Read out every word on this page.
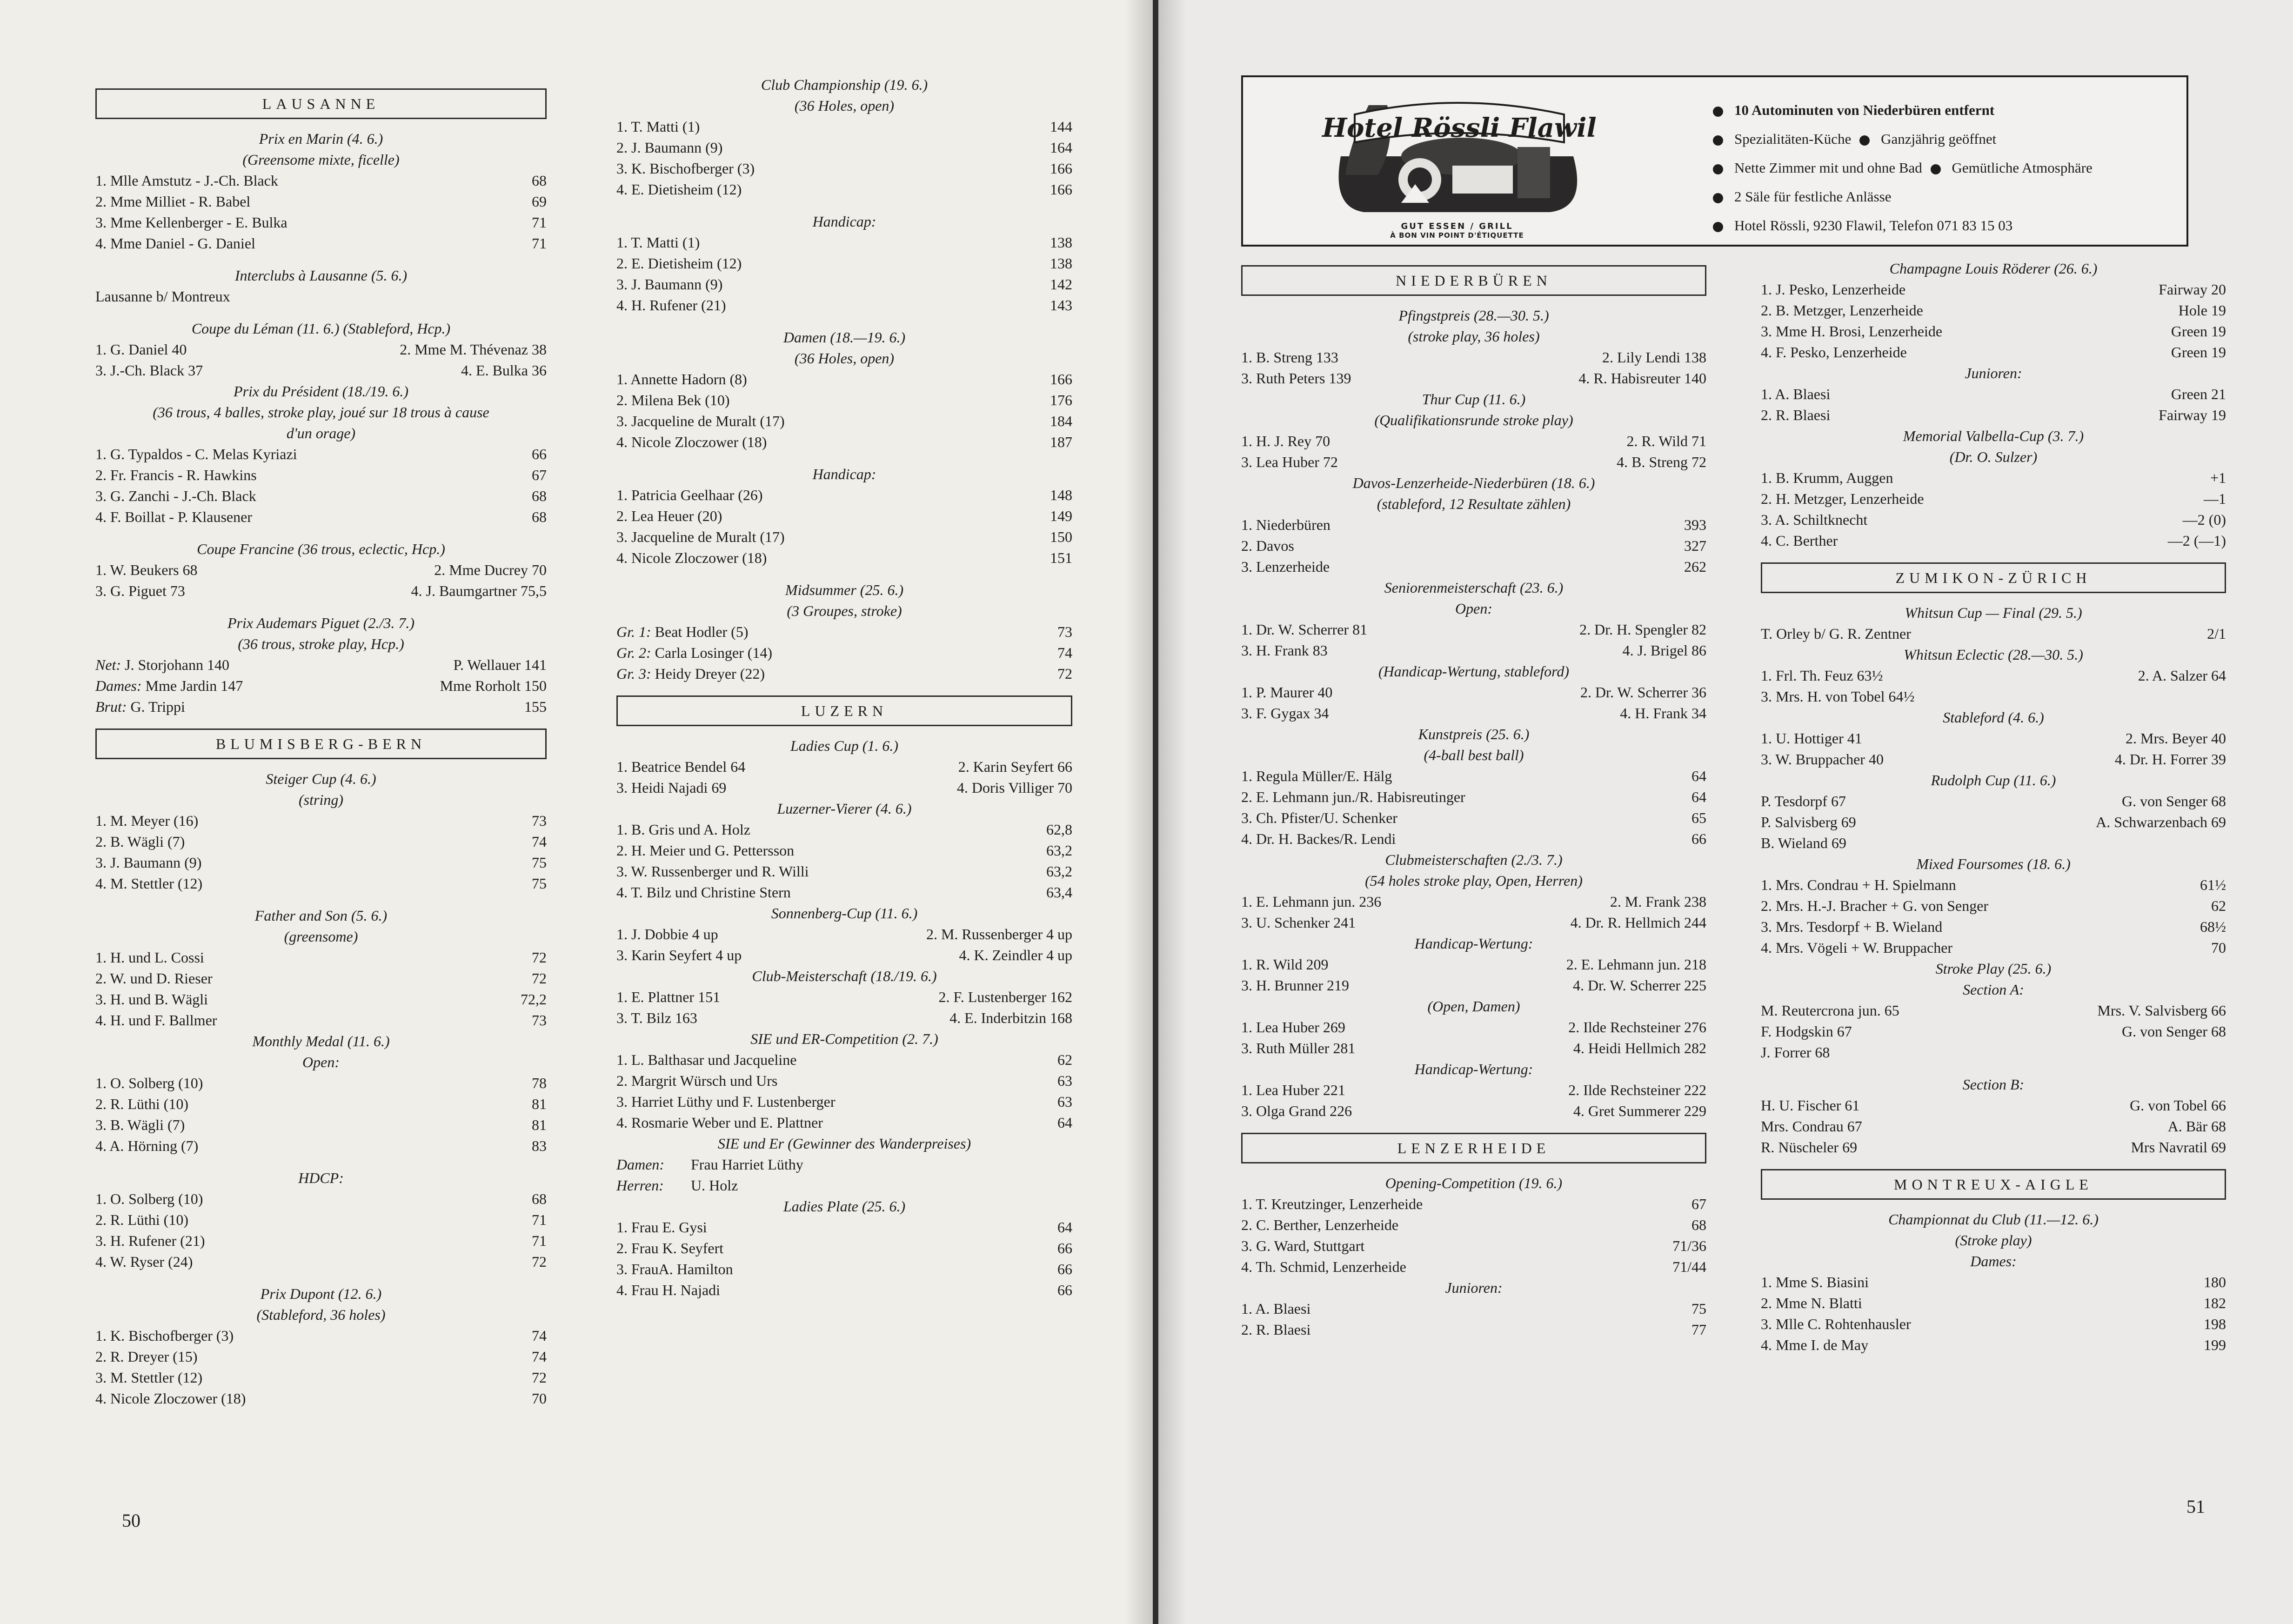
LAUSANNE
Prix en Marin (4. 6.)
(Greensome mixte, ficelle)
1. Mlle Amstutz - J.-Ch. Black	68
2. Mme Milliet - R. Babel	69
3. Mme Kellenberger - E. Bulka	71
4. Mme Daniel - G. Daniel	71
Interclubs à Lausanne (5. 6.)
Lausanne b/ Montreux
Coupe du Léman (11. 6.) (Stableford, Hcp.)
1. G. Daniel 40	2. Mme M. Thévenaz 38
3. J.-Ch. Black 37	4. E. Bulka 36
Prix du Président (18./19. 6.)
(36 trous, 4 balles, stroke play, joué sur 18 trous à cause
d'un orage)
1. G. Typaldos - C. Melas Kyriazi	66
2. Fr. Francis - R. Hawkins	67
3. G. Zanchi - J.-Ch. Black	68
4. F. Boillat - P. Klausener	68
Coupe Francine (36 trous, eclectic, Hcp.)
1. W. Beukers 68	2. Mme Ducrey 70
3. G. Piguet 73	4. J. Baumgartner 75,5
Prix Audemars Piguet (2./3. 7.)
(36 trous, stroke play, Hcp.)
Net: J. Storjohann 140	P. Wellauer 141
Dames: Mme Jardin 147	Mme Rorholt 150
Brut: G. Trippi	155
BLUMISBERG-BERN
Steiger Cup (4. 6.)
(string)
1. M. Meyer (16)	73
2. B. Wägli (7)	74
3. J. Baumann (9)	75
4. M. Stettler (12)	75
Father and Son (5. 6.)
(greensome)
1. H. und L. Cossi	72
2. W. und D. Rieser	72
3. H. und B. Wägli	72,2
4. H. und F. Ballmer	73
Monthly Medal (11. 6.)
Open:
1. O. Solberg (10)	78
2. R. Lüthi (10)	81
3. B. Wägli (7)	81
4. A. Hörning (7)	83
HDCP:
1. O. Solberg (10)	68
2. R. Lüthi (10)	71
3. H. Rufener (21)	71
4. W. Ryser (24)	72
Prix Dupont (12. 6.)
(Stableford, 36 holes)
1. K. Bischofberger (3)	74
2. R. Dreyer (15)	74
3. M. Stettler (12)	72
4. Nicole Zloczower (18)	70
Club Championship (19. 6.)
(36 Holes, open)
1. T. Matti (1)	144
2. J. Baumann (9)	164
3. K. Bischofberger (3)	166
4. E. Dietisheim (12)	166
Handicap:
1. T. Matti (1)	138
2. E. Dietisheim (12)	138
3. J. Baumann (9)	142
4. H. Rufener (21)	143
Damen (18.—19. 6.)
(36 Holes, open)
1. Annette Hadorn (8)	166
2. Milena Bek (10)	176
3. Jacqueline de Muralt (17)	184
4. Nicole Zloczower (18)	187
Handicap:
1. Patricia Geelhaar (26)	148
2. Lea Heuer (20)	149
3. Jacqueline de Muralt (17)	150
4. Nicole Zloczower (18)	151
Midsummer (25. 6.)
(3 Groupes, stroke)
Gr. 1: Beat Hodler (5)	73
Gr. 2: Carla Losinger (14)	74
Gr. 3: Heidy Dreyer (22)	72
LUZERN
Ladies Cup (1. 6.)
1. Beatrice Bendel 64	2. Karin Seyfert 66
3. Heidi Najadi 69	4. Doris Villiger 70
Luzerner-Vierer (4. 6.)
1. B. Gris und A. Holz	62,8
2. H. Meier und G. Pettersson	63,2
3. W. Russenberger und R. Willi	63,2
4. T. Bilz und Christine Stern	63,4
Sonnenberg-Cup (11. 6.)
1. J. Dobbie 4 up	2. M. Russenberger 4 up
3. Karin Seyfert 4 up	4. K. Zeindler 4 up
Club-Meisterschaft (18./19. 6.)
1. E. Plattner 151	2. F. Lustenberger 162
3. T. Bilz 163	4. E. Inderbitzin 168
SIE und ER-Competition (2. 7.)
1. L. Balthasar und Jacqueline	62
2. Margrit Würsch und Urs	63
3. Harriet Lüthy und F. Lustenberger	63
4. Rosmarie Weber und E. Plattner	64
SIE und Er (Gewinner des Wanderpreises)
Damen:	Frau Harriet Lüthy
Herren:	U. Holz
Ladies Plate (25. 6.)
1. Frau E. Gysi	64
2. Frau K. Seyfert	66
3. FrauA. Hamilton	66
4. Frau H. Najadi	66
50
Hotel Rössli Flawil
GUT ESSEN / GRILL
À BON VIN POINT D'ÉTIQUETTE
10 Autominuten von Niederbüren entfernt
Spezialitäten-Küche Ganzjährig geöffnet
Nette Zimmer mit und ohne Bad Gemütliche Atmosphäre
2 Säle für festliche Anlässe
Hotel Rössli, 9230 Flawil, Telefon 071 83 15 03
NIEDERBÜREN
Pfingstpreis (28.—30. 5.)
(stroke play, 36 holes)
1. B. Streng 133	2. Lily Lendi 138
3. Ruth Peters 139	4. R. Habisreuter 140
Thur Cup (11. 6.)
(Qualifikationsrunde stroke play)
1. H. J. Rey 70	2. R. Wild 71
3. Lea Huber 72	4. B. Streng 72
Davos-Lenzerheide-Niederbüren (18. 6.)
(stableford, 12 Resultate zählen)
1. Niederbüren	393
2. Davos	327
3. Lenzerheide	262
Seniorenmeisterschaft (23. 6.)
Open:
1. Dr. W. Scherrer 81	2. Dr. H. Spengler 82
3. H. Frank 83	4. J. Brigel 86
(Handicap-Wertung, stableford)
1. P. Maurer 40	2. Dr. W. Scherrer 36
3. F. Gygax 34	4. H. Frank 34
Kunstpreis (25. 6.)
(4-ball best ball)
1. Regula Müller/E. Hälg	64
2. E. Lehmann jun./R. Habisreutinger	64
3. Ch. Pfister/U. Schenker	65
4. Dr. H. Backes/R. Lendi	66
Clubmeisterschaften (2./3. 7.)
(54 holes stroke play, Open, Herren)
1. E. Lehmann jun. 236	2. M. Frank 238
3. U. Schenker 241	4. Dr. R. Hellmich 244
Handicap-Wertung:
1. R. Wild 209	2. E. Lehmann jun. 218
3. H. Brunner 219	4. Dr. W. Scherrer 225
(Open, Damen)
1. Lea Huber 269	2. Ilde Rechsteiner 276
3. Ruth Müller 281	4. Heidi Hellmich 282
Handicap-Wertung:
1. Lea Huber 221	2. Ilde Rechsteiner 222
3. Olga Grand 226	4. Gret Summerer 229
LENZERHEIDE
Opening-Competition (19. 6.)
1. T. Kreutzinger, Lenzerheide	67
2. C. Berther, Lenzerheide	68
3. G. Ward, Stuttgart	71/36
4. Th. Schmid, Lenzerheide	71/44
Junioren:
1. A. Blaesi	75
2. R. Blaesi	77
Champagne Louis Röderer (26. 6.)
1. J. Pesko, Lenzerheide	Fairway 20
2. B. Metzger, Lenzerheide	Hole 19
3. Mme H. Brosi, Lenzerheide	Green 19
4. F. Pesko, Lenzerheide	Green 19
Junioren:
1. A. Blaesi	Green 21
2. R. Blaesi	Fairway 19
Memorial Valbella-Cup (3. 7.)
(Dr. O. Sulzer)
1. B. Krumm, Auggen	+1
2. H. Metzger, Lenzerheide	—1
3. A. Schiltknecht	—2 (0)
4. C. Berther	—2 (—1)
ZUMIKON-ZÜRICH
Whitsun Cup — Final (29. 5.)
T. Orley b/ G. R. Zentner	2/1
Whitsun Eclectic (28.—30. 5.)
1. Frl. Th. Feuz 63½	2. A. Salzer 64
3. Mrs. H. von Tobel 64½
Stableford (4. 6.)
1. U. Hottiger 41	2. Mrs. Beyer 40
3. W. Bruppacher 40	4. Dr. H. Forrer 39
Rudolph Cup (11. 6.)
P. Tesdorpf 67	G. von Senger 68
P. Salvisberg 69	A. Schwarzenbach 69
B. Wieland 69
Mixed Foursomes (18. 6.)
1. Mrs. Condrau + H. Spielmann	61½
2. Mrs. H.-J. Bracher + G. von Senger	62
3. Mrs. Tesdorpf + B. Wieland	68½
4. Mrs. Vögeli + W. Bruppacher	70
Stroke Play (25. 6.)
Section A:
M. Reutercrona jun. 65	Mrs. V. Salvisberg 66
F. Hodgskin 67	G. von Senger 68
J. Forrer 68
Section B:
H. U. Fischer 61	G. von Tobel 66
Mrs. Condrau 67	A. Bär 68
R. Nüscheler 69	Mrs Navratil 69
MONTREUX-AIGLE
Championnat du Club (11.—12. 6.)
(Stroke play)
Dames:
1. Mme S. Biasini	180
2. Mme N. Blatti	182
3. Mlle C. Rohtenhausler	198
4. Mme I. de May	199
51
